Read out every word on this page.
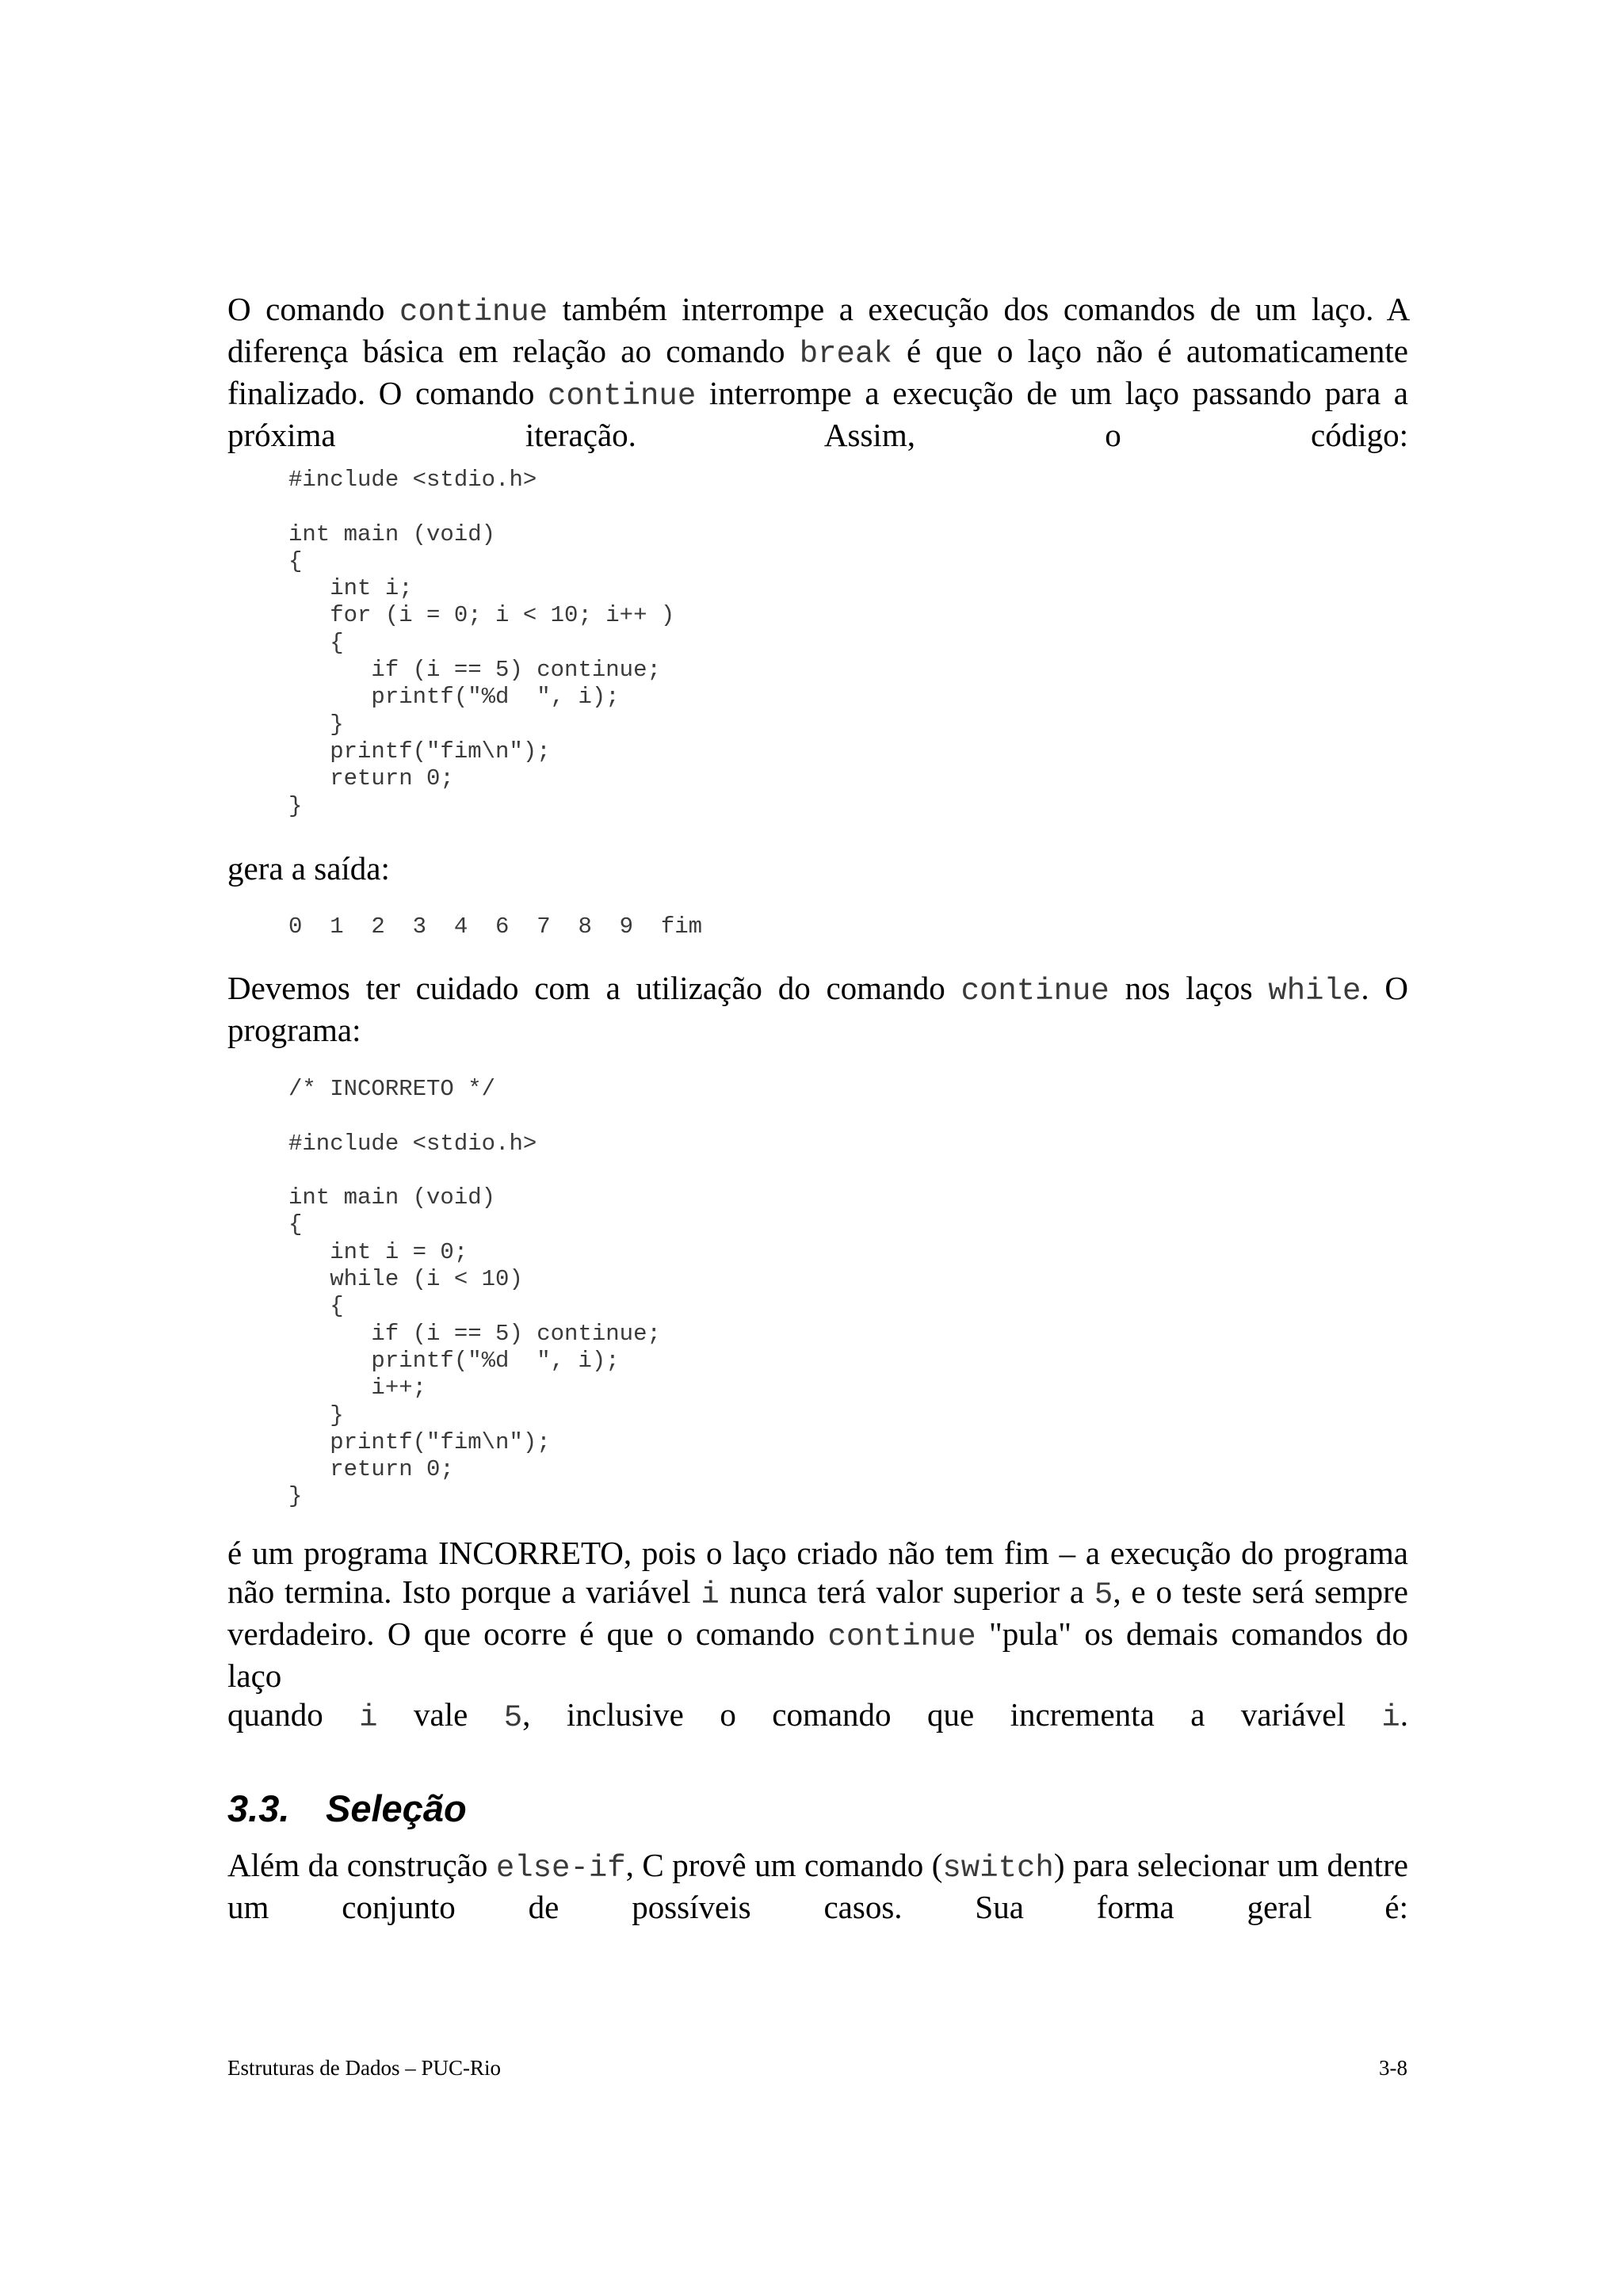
O comando continue também interrompe a execução dos comandos de um laço. A diferença básica em relação ao comando break é que o laço não é automaticamente finalizado. O comando continue interrompe a execução de um laço passando para a
próxima iteração. Assim, o código:

#include <stdio.h>

int main (void)
{
int i;
for (i = 0; i < 10; i++ )
{
if (i == 5) continue;
printf("%d  ", i);
}
printf("fim\n");
return 0;
}

gera a saída:

0  1  2  3  4  6  7  8  9  fim

Devemos ter cuidado com a utilização do comando continue nos laços while. O
programa:

/* INCORRETO */

#include <stdio.h>

int main (void)
{
int i = 0;
while (i < 10)
{
if (i == 5) continue;
printf("%d  ", i);
i++;
}
printf("fim\n");
return 0;
}

é um programa INCORRETO, pois o laço criado não tem fim – a execução do programa não termina. Isto porque a variável i nunca terá valor superior a 5, e o teste será sempre verdadeiro. O que ocorre é que o comando continue "pula" os demais comandos do laço
quando i vale 5, inclusive o comando que incrementa a variável i.

3.3. Seleção

Além da construção else-if, C provê um comando (switch) para selecionar um dentre
um conjunto de possíveis casos. Sua forma geral é:

Estruturas de Dados – PUC-Rio	3-8
